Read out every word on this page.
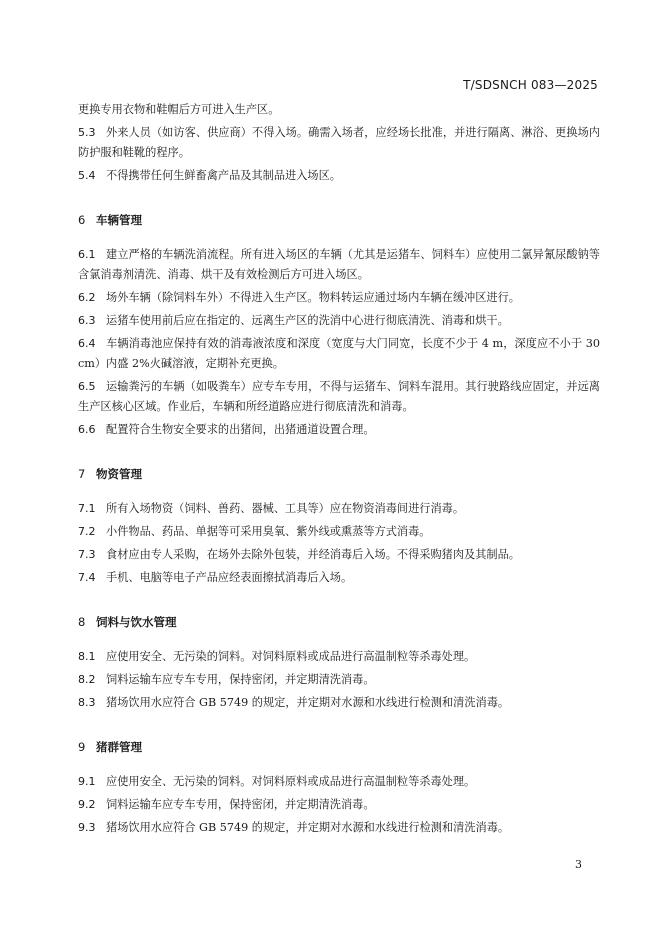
T/SDSNCH 083—2025

更换专用衣物和鞋帽后方可进入生产区。

5.3 外来人员（如访客、供应商）不得入场。确需入场者，应经场长批准，并进行隔离、淋浴、更换场内防护服和鞋靴的程序。

5.4 不得携带任何生鲜畜禽产品及其制品进入场区。

6 车辆管理

6.1 建立严格的车辆洗消流程。所有进入场区的车辆（尤其是运猪车、饲料车）应使用二氯异氰尿酸钠等含氯消毒剂清洗、消毒、烘干及有效检测后方可进入场区。

6.2 场外车辆（除饲料车外）不得进入生产区。物料转运应通过场内车辆在缓冲区进行。

6.3 运猪车使用前后应在指定的、远离生产区的洗消中心进行彻底清洗、消毒和烘干。

6.4 车辆消毒池应保持有效的消毒液浓度和深度（宽度与大门同宽，长度不少于 4 m，深度应不小于 30 cm）内盛 2%火碱溶液，定期补充更换。

6.5 运输粪污的车辆（如吸粪车）应专车专用，不得与运猪车、饲料车混用。其行驶路线应固定，并远离生产区核心区域。作业后，车辆和所经道路应进行彻底清洗和消毒。

6.6 配置符合生物安全要求的出猪间，出猪通道设置合理。

7 物资管理

7.1 所有入场物资（饲料、兽药、器械、工具等）应在物资消毒间进行消毒。

7.2 小件物品、药品、单据等可采用臭氧、紫外线或熏蒸等方式消毒。

7.3 食材应由专人采购，在场外去除外包装，并经消毒后入场。不得采购猪肉及其制品。

7.4 手机、电脑等电子产品应经表面擦拭消毒后入场。

8 饲料与饮水管理

8.1 应使用安全、无污染的饲料。对饲料原料或成品进行高温制粒等杀毒处理。

8.2 饲料运输车应专车专用，保持密闭，并定期清洗消毒。

8.3 猪场饮用水应符合 GB 5749 的规定，并定期对水源和水线进行检测和清洗消毒。

9 猪群管理

9.1 应使用安全、无污染的饲料。对饲料原料或成品进行高温制粒等杀毒处理。

9.2 饲料运输车应专车专用，保持密闭，并定期清洗消毒。

9.3 猪场饮用水应符合 GB 5749 的规定，并定期对水源和水线进行检测和清洗消毒。

3
